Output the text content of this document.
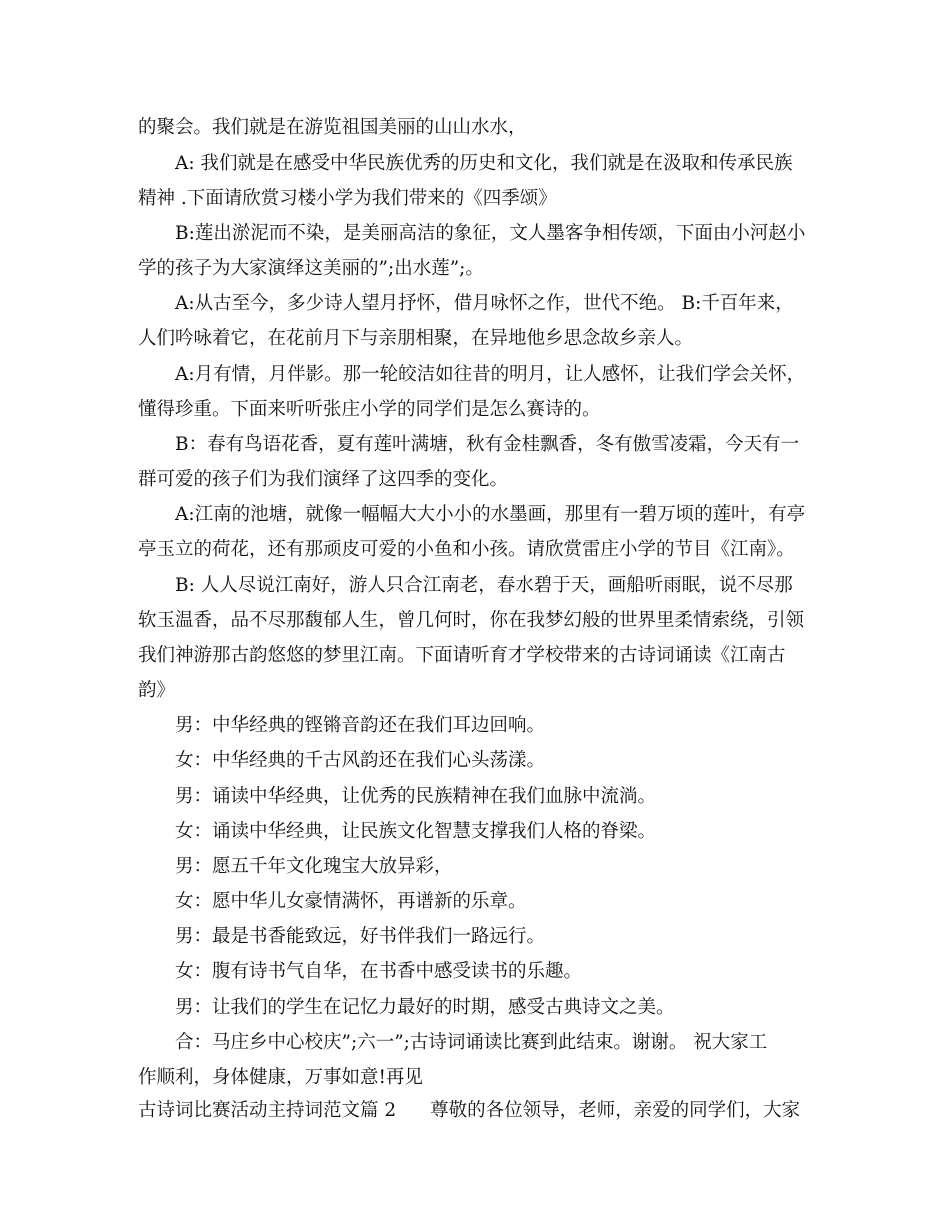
的聚会。我们就是在游览祖国美丽的山山水水，
A: 我们就是在感受中华民族优秀的历史和文化，我们就是在汲取和传承民族
精神 .下面请欣赏习楼小学为我们带来的《四季颂》
B:莲出淤泥而不染，是美丽高洁的象征，文人墨客争相传颂，下面由小河赵小
学的孩子为大家演绎这美丽的”;出水莲”;。
A:从古至今，多少诗人望月抒怀，借月咏怀之作，世代不绝。 B:千百年来，
人们吟咏着它，在花前月下与亲朋相聚，在异地他乡思念故乡亲人。
A:月有情，月伴影。那一轮皎洁如往昔的明月，让人感怀，让我们学会关怀，
懂得珍重。下面来听听张庄小学的同学们是怎么赛诗的。
B：春有鸟语花香，夏有莲叶满塘，秋有金桂飘香，冬有傲雪凌霜，今天有一
群可爱的孩子们为我们演绎了这四季的变化。
A:江南的池塘，就像一幅幅大大小小的水墨画，那里有一碧万顷的莲叶，有亭
亭玉立的荷花，还有那顽皮可爱的小鱼和小孩。请欣赏雷庄小学的节目《江南》。
B: 人人尽说江南好，游人只合江南老，春水碧于天，画船听雨眠，说不尽那
软玉温香，品不尽那馥郁人生，曾几何时，你在我梦幻般的世界里柔情索绕，引领
我们神游那古韵悠悠的梦里江南。下面请听育才学校带来的古诗词诵读《江南古
韵》
男：中华经典的铿锵音韵还在我们耳边回响。
女：中华经典的千古风韵还在我们心头荡漾。
男：诵读中华经典，让优秀的民族精神在我们血脉中流淌。
女：诵读中华经典，让民族文化智慧支撑我们人格的脊梁。
男：愿五千年文化瑰宝大放异彩，
女：愿中华儿女豪情满怀，再谱新的乐章。
男：最是书香能致远，好书伴我们一路远行。
女：腹有诗书气自华，在书香中感受读书的乐趣。
男：让我们的学生在记忆力最好的时期，感受古典诗文之美。
合：马庄乡中心校庆”;六一”;古诗词诵读比赛到此结束。谢谢。 祝大家工
作顺利，身体健康，万事如意!再见
古诗词比赛活动主持词范文篇 2 尊敬的各位领导，老师，亲爱的同学们，大家
